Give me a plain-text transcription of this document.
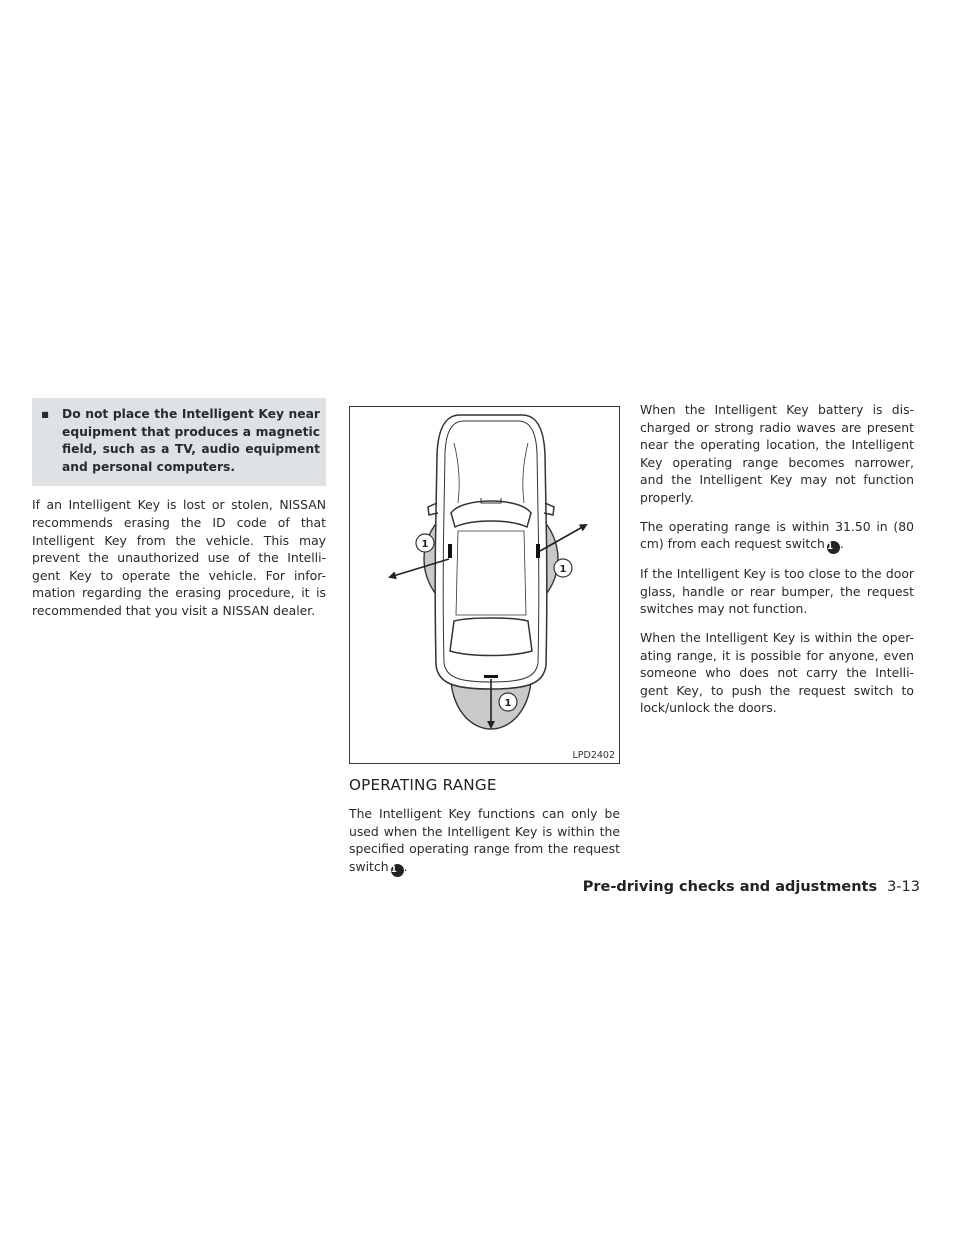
▪	Do not place the Intelligent Key near equipment that produces a magnetic field, such as a TV, audio equipment and personal computers.

If an Intelligent Key is lost or stolen, NISSAN recommends erasing the ID code of that Intelligent Key from the vehicle. This may prevent the unauthorized use of the Intelli-gent Key to operate the vehicle. For infor-mation regarding the erasing procedure, it is recommended that you visit a NISSAN dealer.

1
1
1
LPD2402
OPERATING RANGE

The Intelligent Key functions can only be used when the Intelligent Key is within the specified operating range from the request switch 1 .

When the Intelligent Key battery is dis-charged or strong radio waves are present near the operating location, the Intelligent Key operating range becomes narrower, and the Intelligent Key may not function properly.

The operating range is within 31.50 in (80 cm) from each request switch 1 .

If the Intelligent Key is too close to the door glass, handle or rear bumper, the request switches may not function.

When the Intelligent Key is within the oper-ating range, it is possible for anyone, even someone who does not carry the Intelli-gent Key, to push the request switch to lock/unlock the doors.

Pre-driving checks and adjustments 3-13
